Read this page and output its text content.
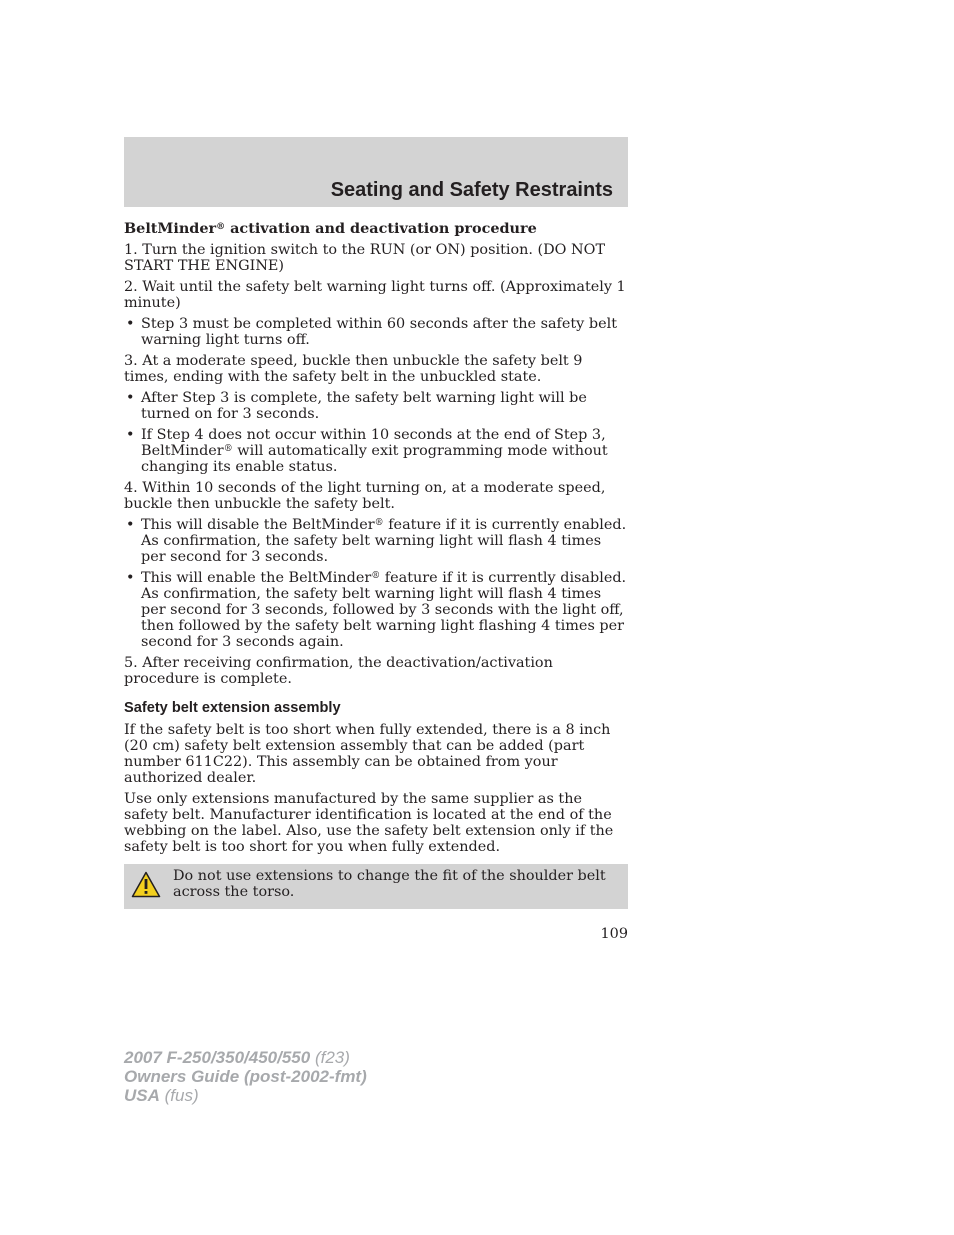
Seating and Safety Restraints
BeltMinder® activation and deactivation procedure

1. Turn the ignition switch to the RUN (or ON) position. (DO NOT START THE ENGINE)

2. Wait until the safety belt warning light turns off. (Approximately 1 minute)

• Step 3 must be completed within 60 seconds after the safety belt warning light turns off.

3. At a moderate speed, buckle then unbuckle the safety belt 9 times, ending with the safety belt in the unbuckled state.

• After Step 3 is complete, the safety belt warning light will be turned on for 3 seconds.
• If Step 4 does not occur within 10 seconds at the end of Step 3, BeltMinder® will automatically exit programming mode without changing its enable status.

4. Within 10 seconds of the light turning on, at a moderate speed, buckle then unbuckle the safety belt.

• This will disable the BeltMinder® feature if it is currently enabled. As confirmation, the safety belt warning light will flash 4 times per second for 3 seconds.
• This will enable the BeltMinder® feature if it is currently disabled. As confirmation, the safety belt warning light will flash 4 times per second for 3 seconds, followed by 3 seconds with the light off, then followed by the safety belt warning light flashing 4 times per second for 3 seconds again.

5. After receiving confirmation, the deactivation/activation procedure is complete.

Safety belt extension assembly

If the safety belt is too short when fully extended, there is a 8 inch (20 cm) safety belt extension assembly that can be added (part number 611C22). This assembly can be obtained from your authorized dealer.

Use only extensions manufactured by the same supplier as the safety belt. Manufacturer identification is located at the end of the webbing on the label. Also, use the safety belt extension only if the safety belt is too short for you when fully extended.

Do not use extensions to change the fit of the shoulder belt across the torso.

109

2007 F-250/350/450/550 (f23)
Owners Guide (post-2002-fmt)
USA (fus)
